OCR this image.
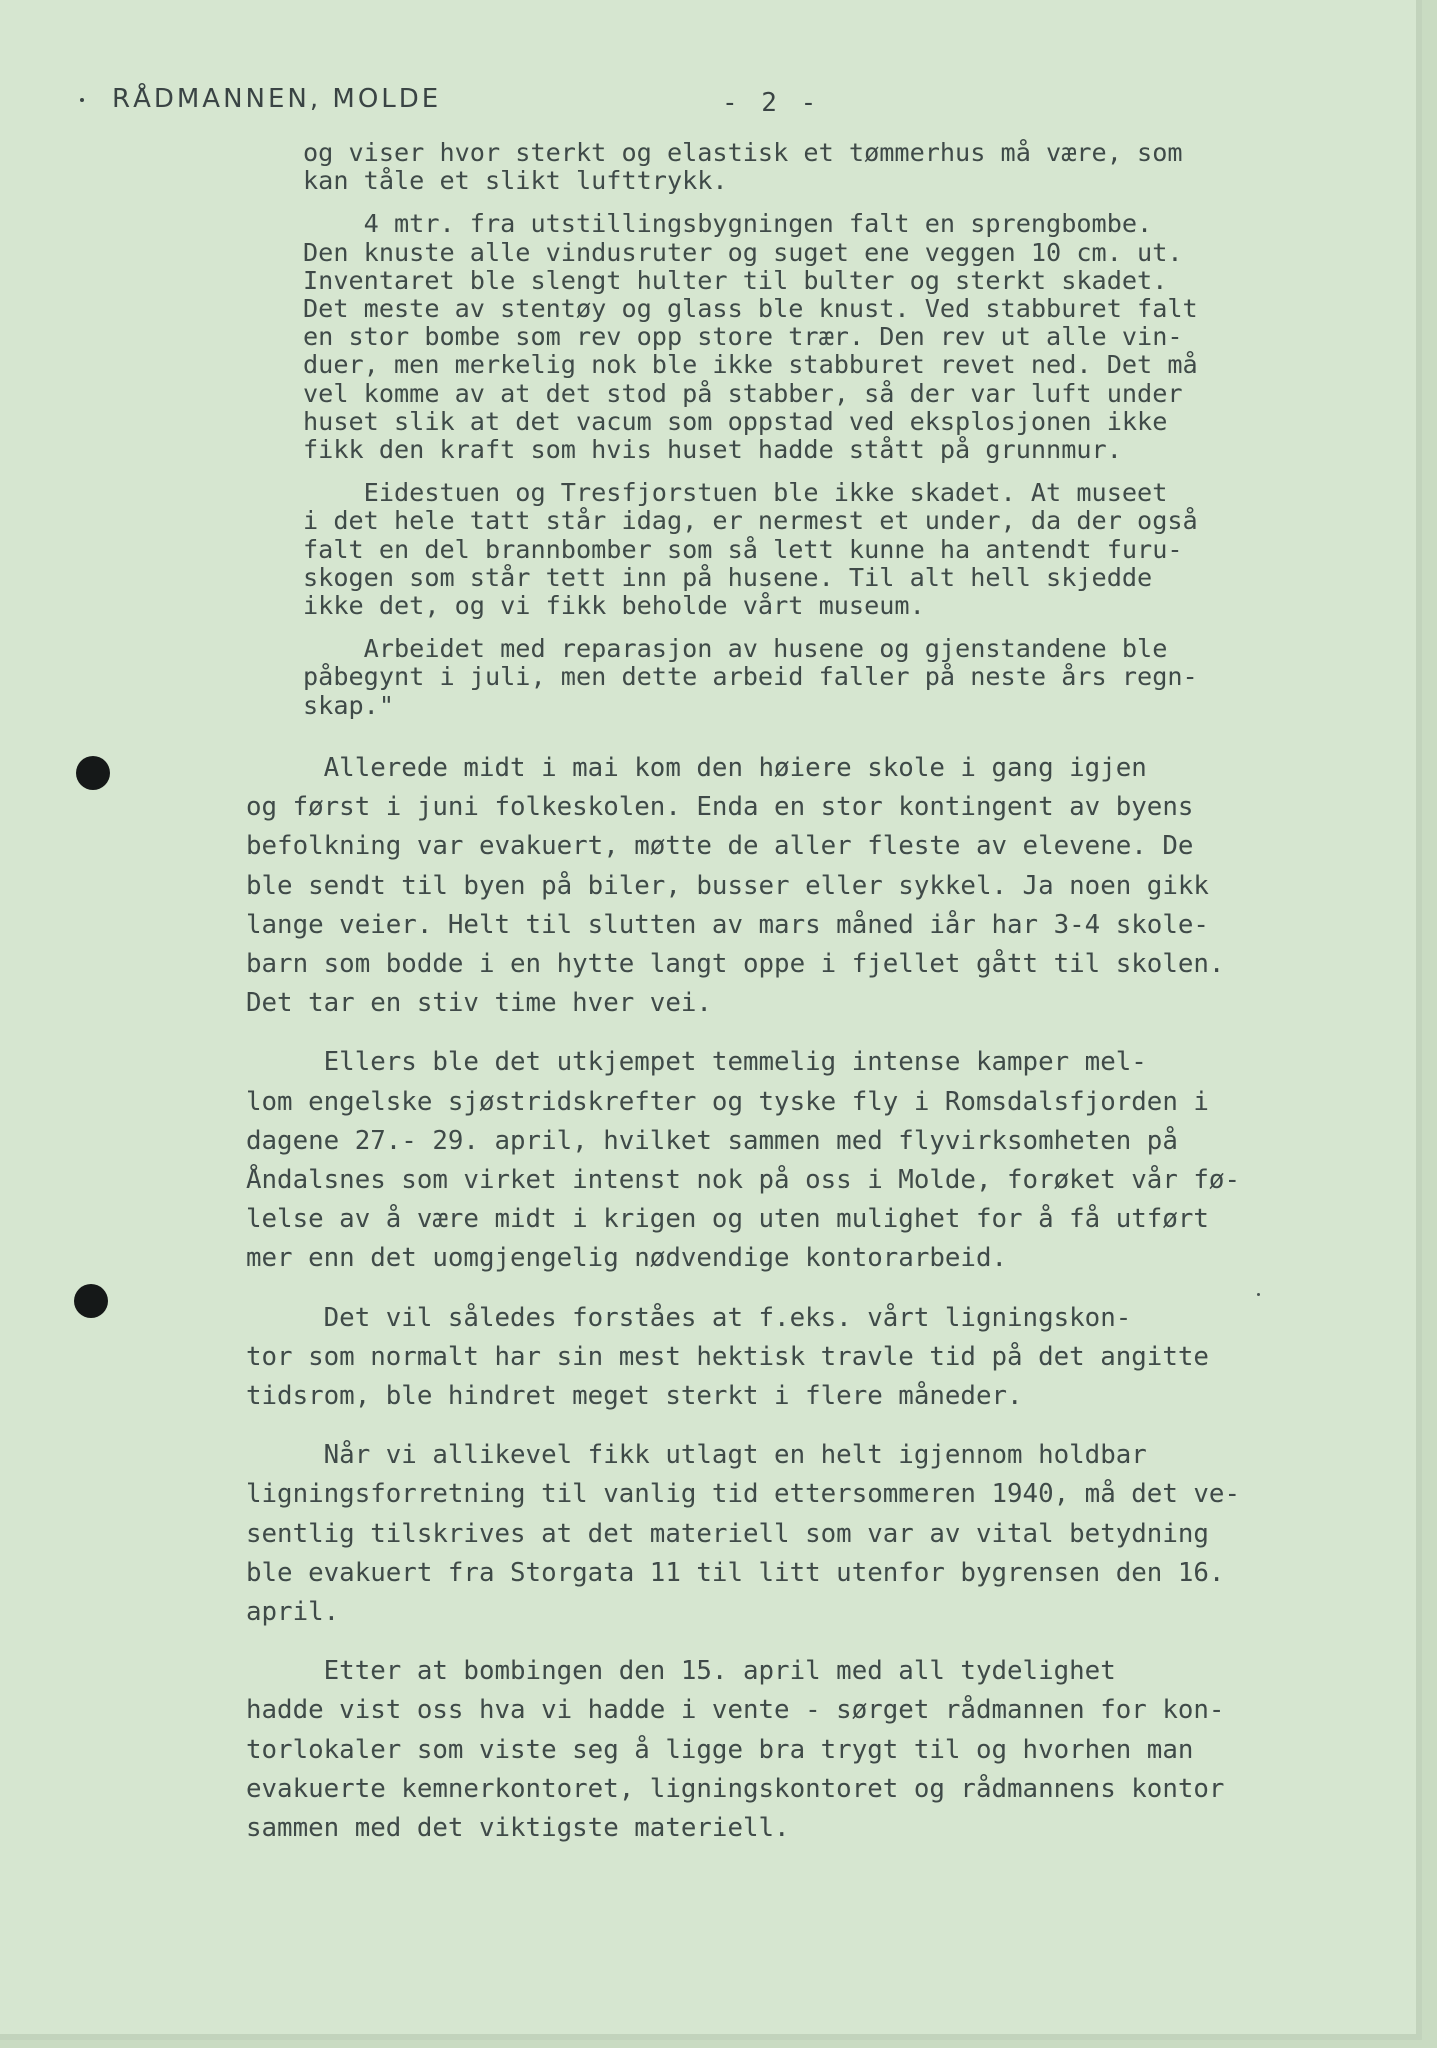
RÅDMANNEN, MOLDE	- 2 -
og viser hvor sterkt og elastisk et tømmerhus må være, som
kan tåle et slikt lufttrykk.
4 mtr. fra utstillingsbygningen falt en sprengbombe.
Den knuste alle vindusruter og suget ene veggen 10 cm. ut.
Inventaret ble slengt hulter til bulter og sterkt skadet.
Det meste av stentøy og glass ble knust. Ved stabburet falt
en stor bombe som rev opp store trær. Den rev ut alle vin-
duer, men merkelig nok ble ikke stabburet revet ned. Det må
vel komme av at det stod på stabber, så der var luft under
huset slik at det vacum som oppstad ved eksplosjonen ikke
fikk den kraft som hvis huset hadde stått på grunnmur.
Eidestuen og Tresfjorstuen ble ikke skadet. At museet
i det hele tatt står idag, er nermest et under, da der også
falt en del brannbomber som så lett kunne ha antendt furu-
skogen som står tett inn på husene. Til alt hell skjedde
ikke det, og vi fikk beholde vårt museum.
Arbeidet med reparasjon av husene og gjenstandene ble
påbegynt i juli, men dette arbeid faller på neste års regn-
skap."
Allerede midt i mai kom den høiere skole i gang igjen
og først i juni folkeskolen. Enda en stor kontingent av byens
befolkning var evakuert, møtte de aller fleste av elevene. De
ble sendt til byen på biler, busser eller sykkel. Ja noen gikk
lange veier. Helt til slutten av mars måned iår har 3-4 skole-
barn som bodde i en hytte langt oppe i fjellet gått til skolen.
Det tar en stiv time hver vei.
Ellers ble det utkjempet temmelig intense kamper mel-
lom engelske sjøstridskrefter og tyske fly i Romsdalsfjorden i
dagene 27.- 29. april, hvilket sammen med flyvirksomheten på
Åndalsnes som virket intenst nok på oss i Molde, forøket vår fø-
lelse av å være midt i krigen og uten mulighet for å få utført
mer enn det uomgjengelig nødvendige kontorarbeid.
Det vil således forståes at f.eks. vårt ligningskon-
tor som normalt har sin mest hektisk travle tid på det angitte
tidsrom, ble hindret meget sterkt i flere måneder.
Når vi allikevel fikk utlagt en helt igjennom holdbar
ligningsforretning til vanlig tid ettersommeren 1940, må det ve-
sentlig tilskrives at det materiell som var av vital betydning
ble evakuert fra Storgata 11 til litt utenfor bygrensen den 16.
april.
Etter at bombingen den 15. april med all tydelighet
hadde vist oss hva vi hadde i vente - sørget rådmannen for kon-
torlokaler som viste seg å ligge bra trygt til og hvorhen man
evakuerte kemnerkontoret, ligningskontoret og rådmannens kontor
sammen med det viktigste materiell.
